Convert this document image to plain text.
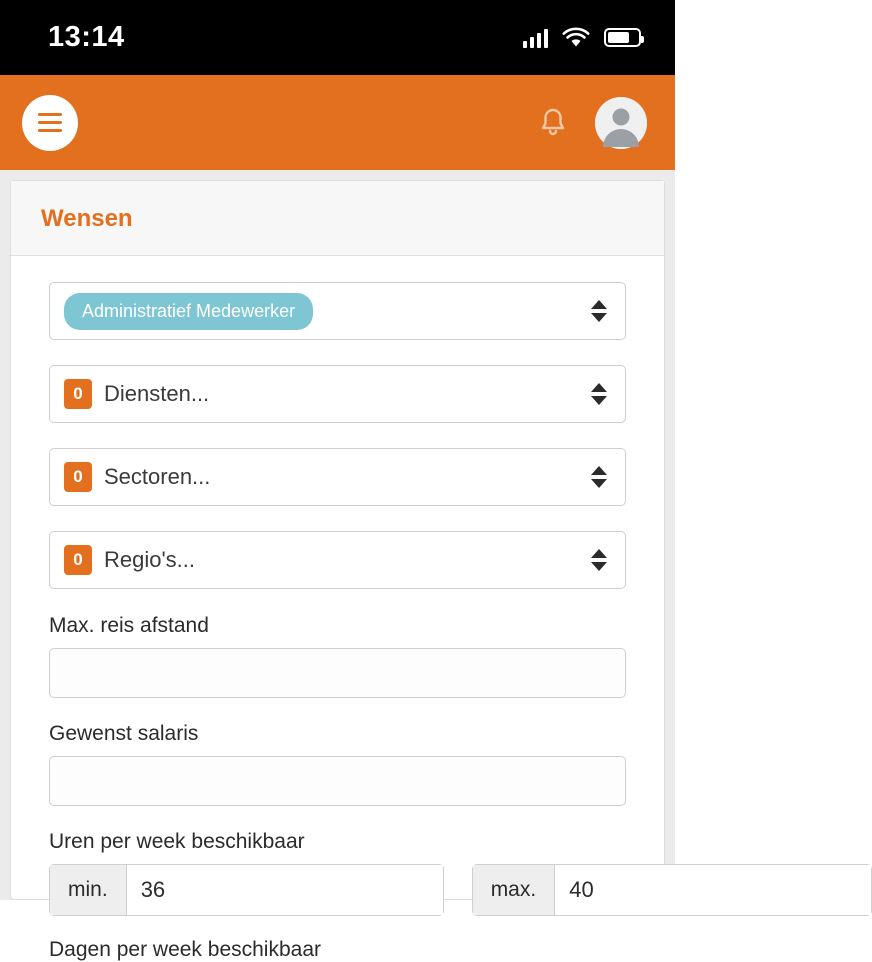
13:14
Wensen
Administratief Medewerker
0 Diensten...
0 Sectoren...
0 Regio's...
Max. reis afstand
Gewenst salaris
Uren per week beschikbaar
min.
36	max.
40
Dagen per week beschikbaar
